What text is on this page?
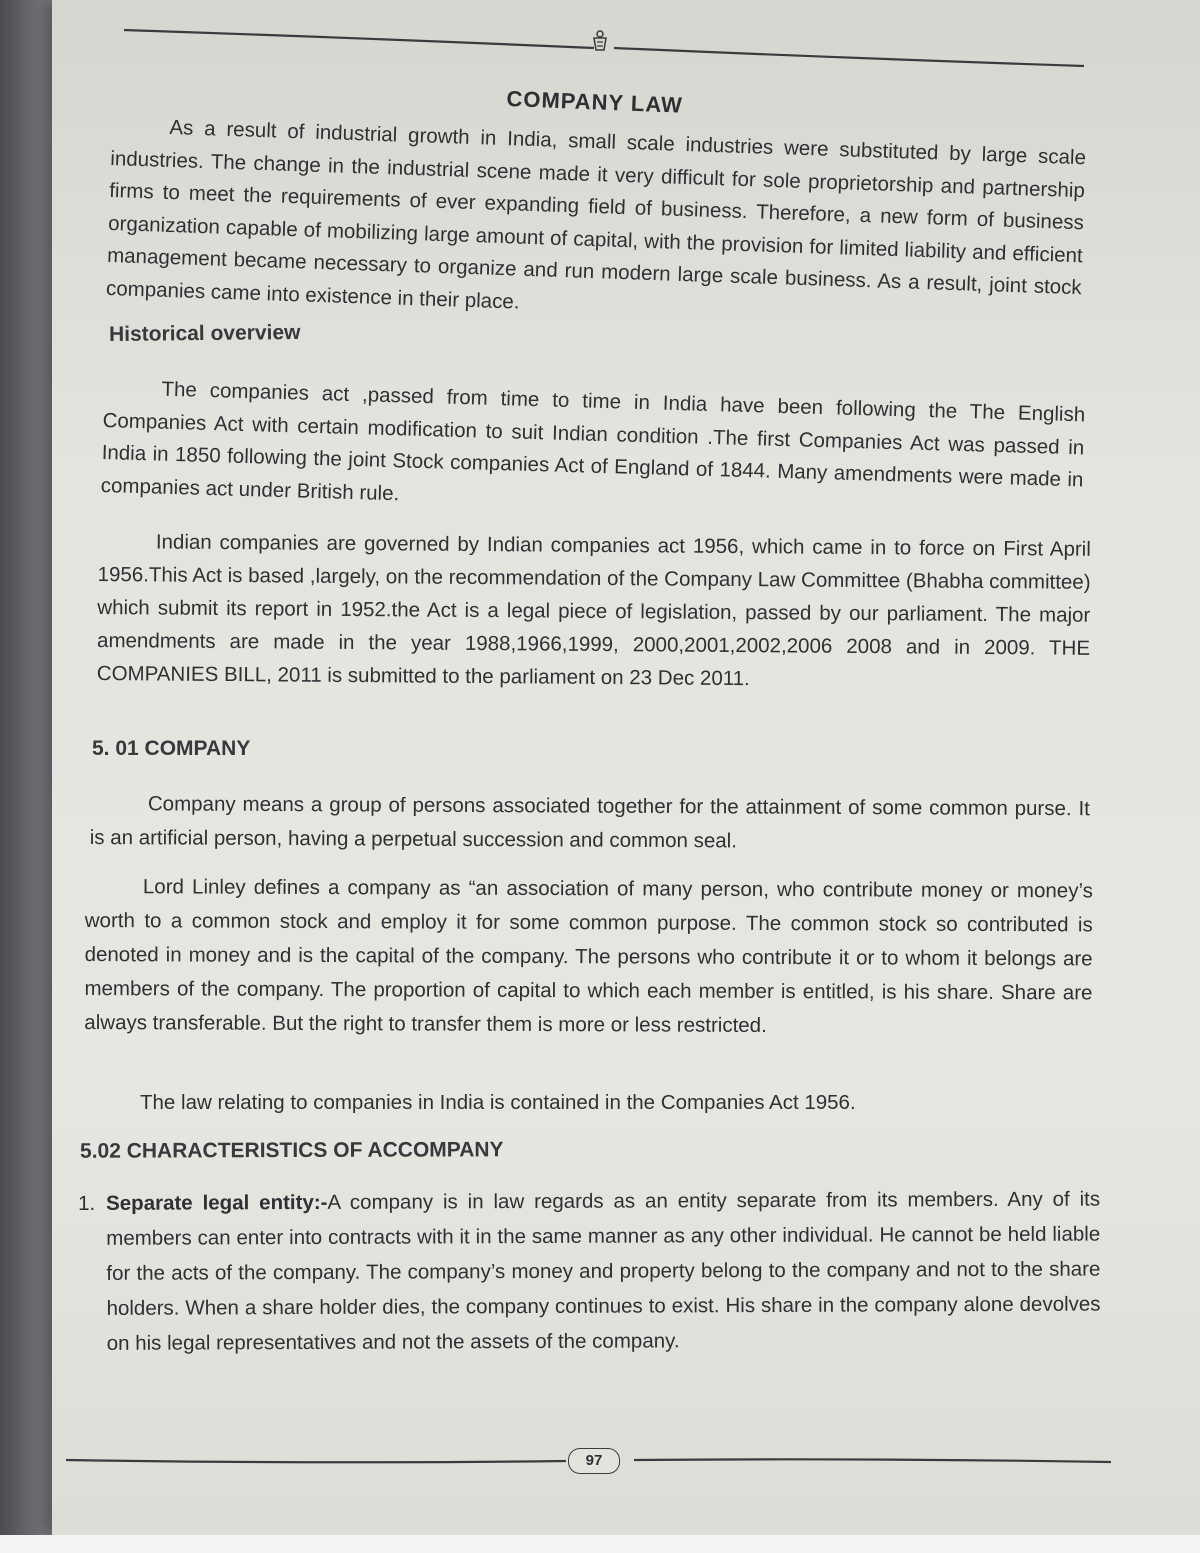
COMPANY LAW

As a result of industrial growth in India, small scale industries were substituted by large scale industries. The change in the industrial scene made it very difficult for sole proprietorship and partnership firms to meet the requirements of ever expanding field of business. Therefore, a new form of business organization capable of mobilizing large amount of capital, with the provision for limited liability and efficient management became necessary to organize and run modern large scale business. As a result, joint stock companies came into existence in their place.

Historical overview

The companies act ,passed from time to time in India have been following the The English Companies Act with certain modification to suit Indian condition .The first Companies Act was passed in India in 1850 following the joint Stock companies Act of England of 1844. Many amendments were made in companies act under British rule.

Indian companies are governed by Indian companies act 1956, which came in to force on First April 1956.This Act is based ,largely, on the recommendation of the Company Law Committee (Bhabha committee) which submit its report in 1952.the Act is a legal piece of legislation, passed by our parliament. The major amendments are made in the year 1988,1966,1999, 2000,2001,2002,2006 2008 and in 2009. THE COMPANIES BILL, 2011 is submitted to the parliament on 23 Dec 2011.

5. 01 COMPANY

Company means a group of persons associated together for the attainment of some common purse. It is an artificial person, having a perpetual succession and common seal.

Lord Linley defines a company as “an association of many person, who contribute money or money’s worth to a common stock and employ it for some common purpose. The common stock so contributed is denoted in money and is the capital of the company. The persons who contribute it or to whom it belongs are members of the company. The proportion of capital to which each member is entitled, is his share. Share are always transferable. But the right to transfer them is more or less restricted.

The law relating to companies in India is contained in the Companies Act 1956.

5.02 CHARACTERISTICS OF ACCOMPANY
1. Separate legal entity:-A company is in law regards as an entity separate from its members. Any of its members can enter into contracts with it in the same manner as any other individual. He cannot be held liable for the acts of the company. The company’s money and property belong to the company and not to the share holders. When a share holder dies, the company continues to exist. His share in the company alone devolves on his legal representatives and not the assets of the company.
97
